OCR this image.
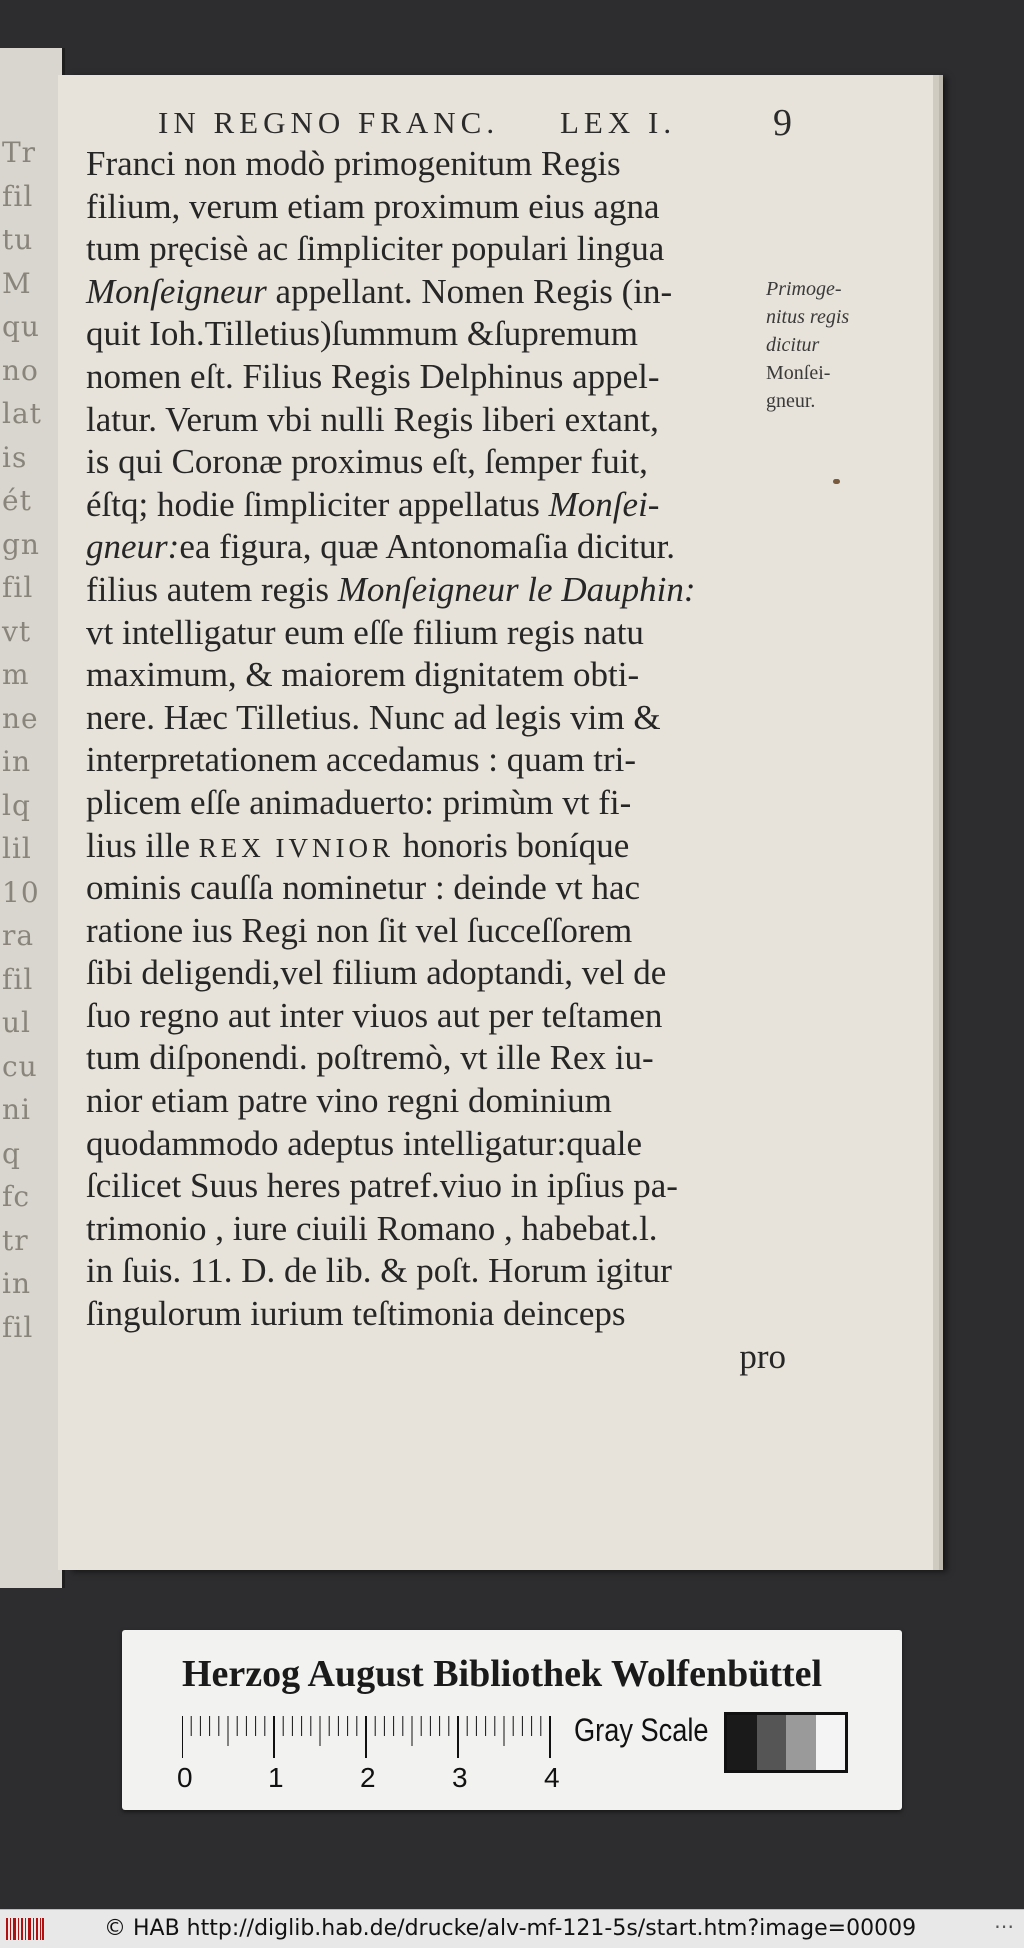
Tr
fil
tu
M
qu
no
lat
is
ét
gn
fil
vt
m
ne
in
lq
lil
10
ra
fil
ul
cu
ni
q
fc
tr
in
fil
IN REGNO FRANC. LEX I.	9
Franci non modò primogenitum Regis
filium, verum etiam proximum eius agna
tum pręcisè ac ſimpliciter populari lingua
Monſeigneur appellant. Nomen Regis (in-
quit Ioh.Tilletius)ſummum &ſupremum
nomen eſt. Filius Regis Delphinus appel-
latur. Verum vbi nulli Regis liberi extant,
is qui Coronæ proximus eſt, ſemper fuit,
éſtq; hodie ſimpliciter appellatus Monſei-
gneur:ea figura, quæ Antonomaſia dicitur.
filius autem regis Monſeigneur le Dauphin:
vt intelligatur eum eſſe filium regis natu
maximum, & maiorem dignitatem obti-
nere. Hæc Tilletius. Nunc ad legis vim &
interpretationem accedamus : quam tri-
plicem eſſe animaduerto: primùm vt fi-
lius ille REX IVNIOR honoris boníque
ominis cauſſa nominetur : deinde vt hac
ratione ius Regi non ſit vel ſucceſſorem
ſibi deligendi,vel filium adoptandi, vel de
ſuo regno aut inter viuos aut per teſtamen
tum diſponendi. poſtremò, vt ille Rex iu-
nior etiam patre vino regni dominium
quodammodo adeptus intelligatur:quale
ſcilicet Suus heres patref.viuo in ipſius pa-
trimonio , iure ciuili Romano , habebat.l.
in ſuis. 11. D. de lib. & poſt. Horum igitur
ſingulorum iurium teſtimonia deinceps
pro
Primoge-
nitus regis
dicitur
Monſei-
gneur.
Herzog August Bibliothek Wolfenbüttel
0	1	2	3	4
Gray Scale
© HAB http://diglib.hab.de/drucke/alv-mf-121-5s/start.htm?image=00009	⋯
